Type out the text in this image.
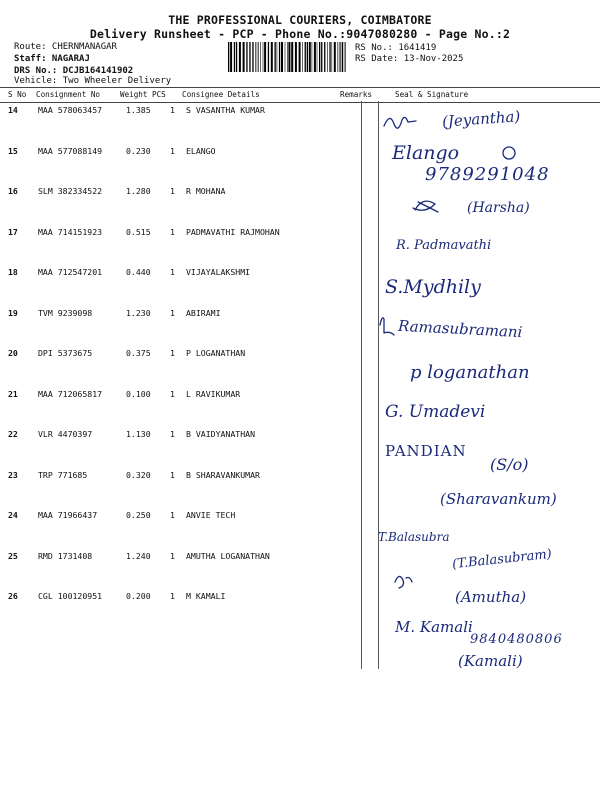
THE PROFESSIONAL COURIERS, COIMBATORE
Delivery Runsheet - PCP - Phone No.:9047080280 - Page No.:2
Route: CHERNMANAGAR
Staff: NAGARAJ
DRS No.: DCJB164141902
Vehicle: Two Wheeler Delivery
RS No.: 1641419
RS Date: 13-Nov-2025
S No Consignment No	Weight PCS Consignee Details	Remarks	Seal & Signature
14 MAA 578063457	1.385 1 S VASANTHA KUMAR
15 MAA 577088149	0.230 1 ELANGO
16 SLM 382334522	1.280 1 R MOHANA
17 MAA 714151923	0.515 1 PADMAVATHI RAJMOHAN
18 MAA 712547201	0.440 1 VIJAYALAKSHMI
19 TVM 9239098	1.230 1 ABIRAMI
20 DPI 5373675	0.375 1 P LOGANATHAN
21 MAA 712065817	0.100 1 L RAVIKUMAR
22 VLR 4470397	1.130 1 B VAIDYANATHAN
23 TRP 771685	0.320 1 B SHARAVANKUMAR
24 MAA 71966437	0.250 1 ANVIE TECH
25 RMD 1731408	1.240 1 AMUTHA LOGANATHAN
26 CGL 100120951	0.200 1 M KAMALI
(Jeyantha)
Elango
9789291048
(Harsha)
R. Padmavathi
S.Mydhily
Ramasubramani
p loganathan
G. Umadevi
PANDIAN
(S/o)
(Sharavankum)
T.Balasubra
(T.Balasubram)
(Amutha)
M. Kamali
9840480806
(Kamali)
